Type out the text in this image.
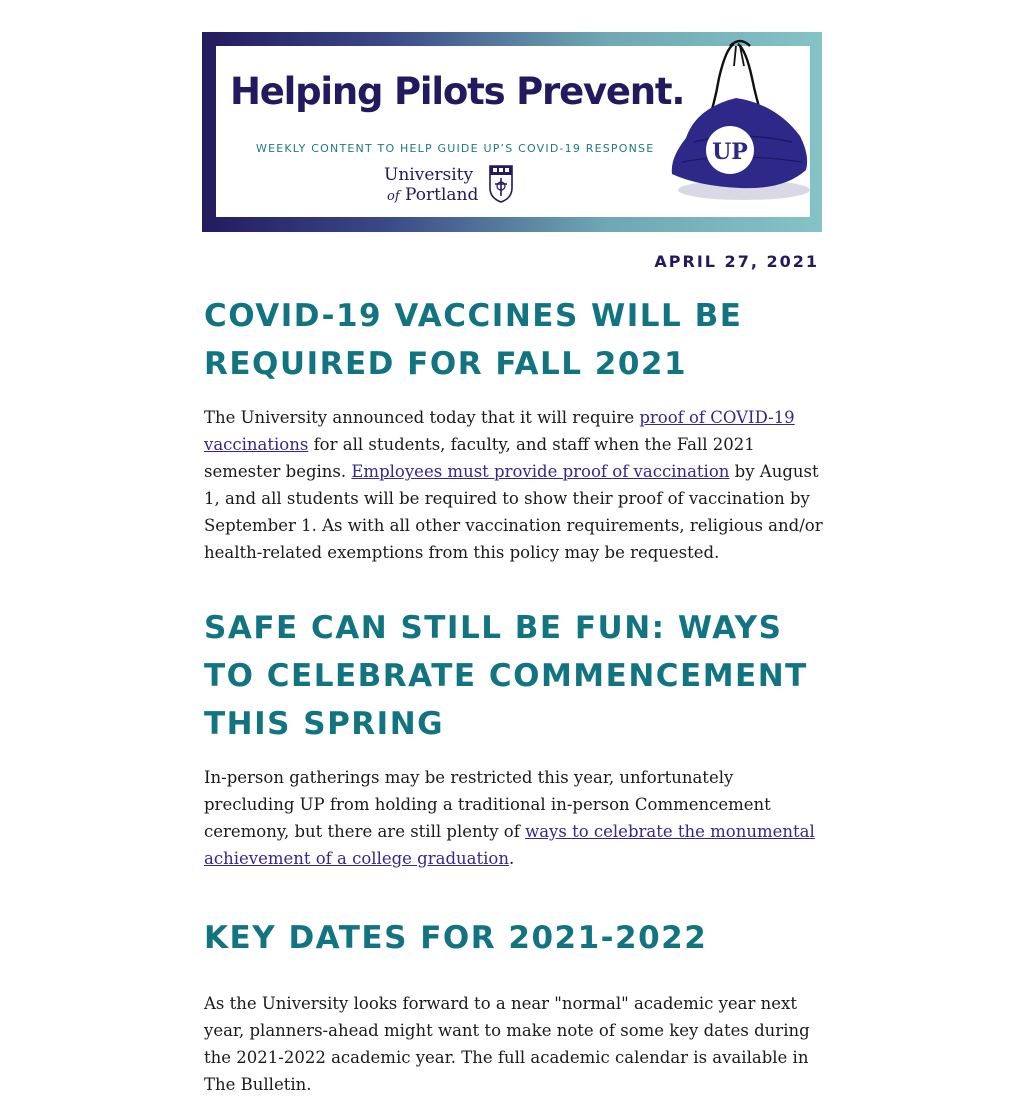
Helping Pilots Prevent.

WEEKLY CONTENT TO HELP GUIDE UP’S COVID-19 RESPONSE

University
of Portland
UP

APRIL 27, 2021

COVID-19 VACCINES WILL BE REQUIRED FOR FALL 2021

The University announced today that it will require proof of COVID-19 vaccinations for all students, faculty, and staff when the Fall 2021 semester begins. Employees must provide proof of vaccination by August 1, and all students will be required to show their proof of vaccination by September 1. As with all other vaccination requirements, religious and/or health-related exemptions from this policy may be requested.

SAFE CAN STILL BE FUN: WAYS TO CELEBRATE COMMENCEMENT THIS SPRING

In-person gatherings may be restricted this year, unfortunately precluding UP from holding a traditional in-person Commencement ceremony, but there are still plenty of ways to celebrate the monumental achievement of a college graduation.

KEY DATES FOR 2021-2022

As the University looks forward to a near "normal" academic year next year, planners-ahead might want to make note of some key dates during the 2021-2022 academic year. The full academic calendar is available in The Bulletin.
